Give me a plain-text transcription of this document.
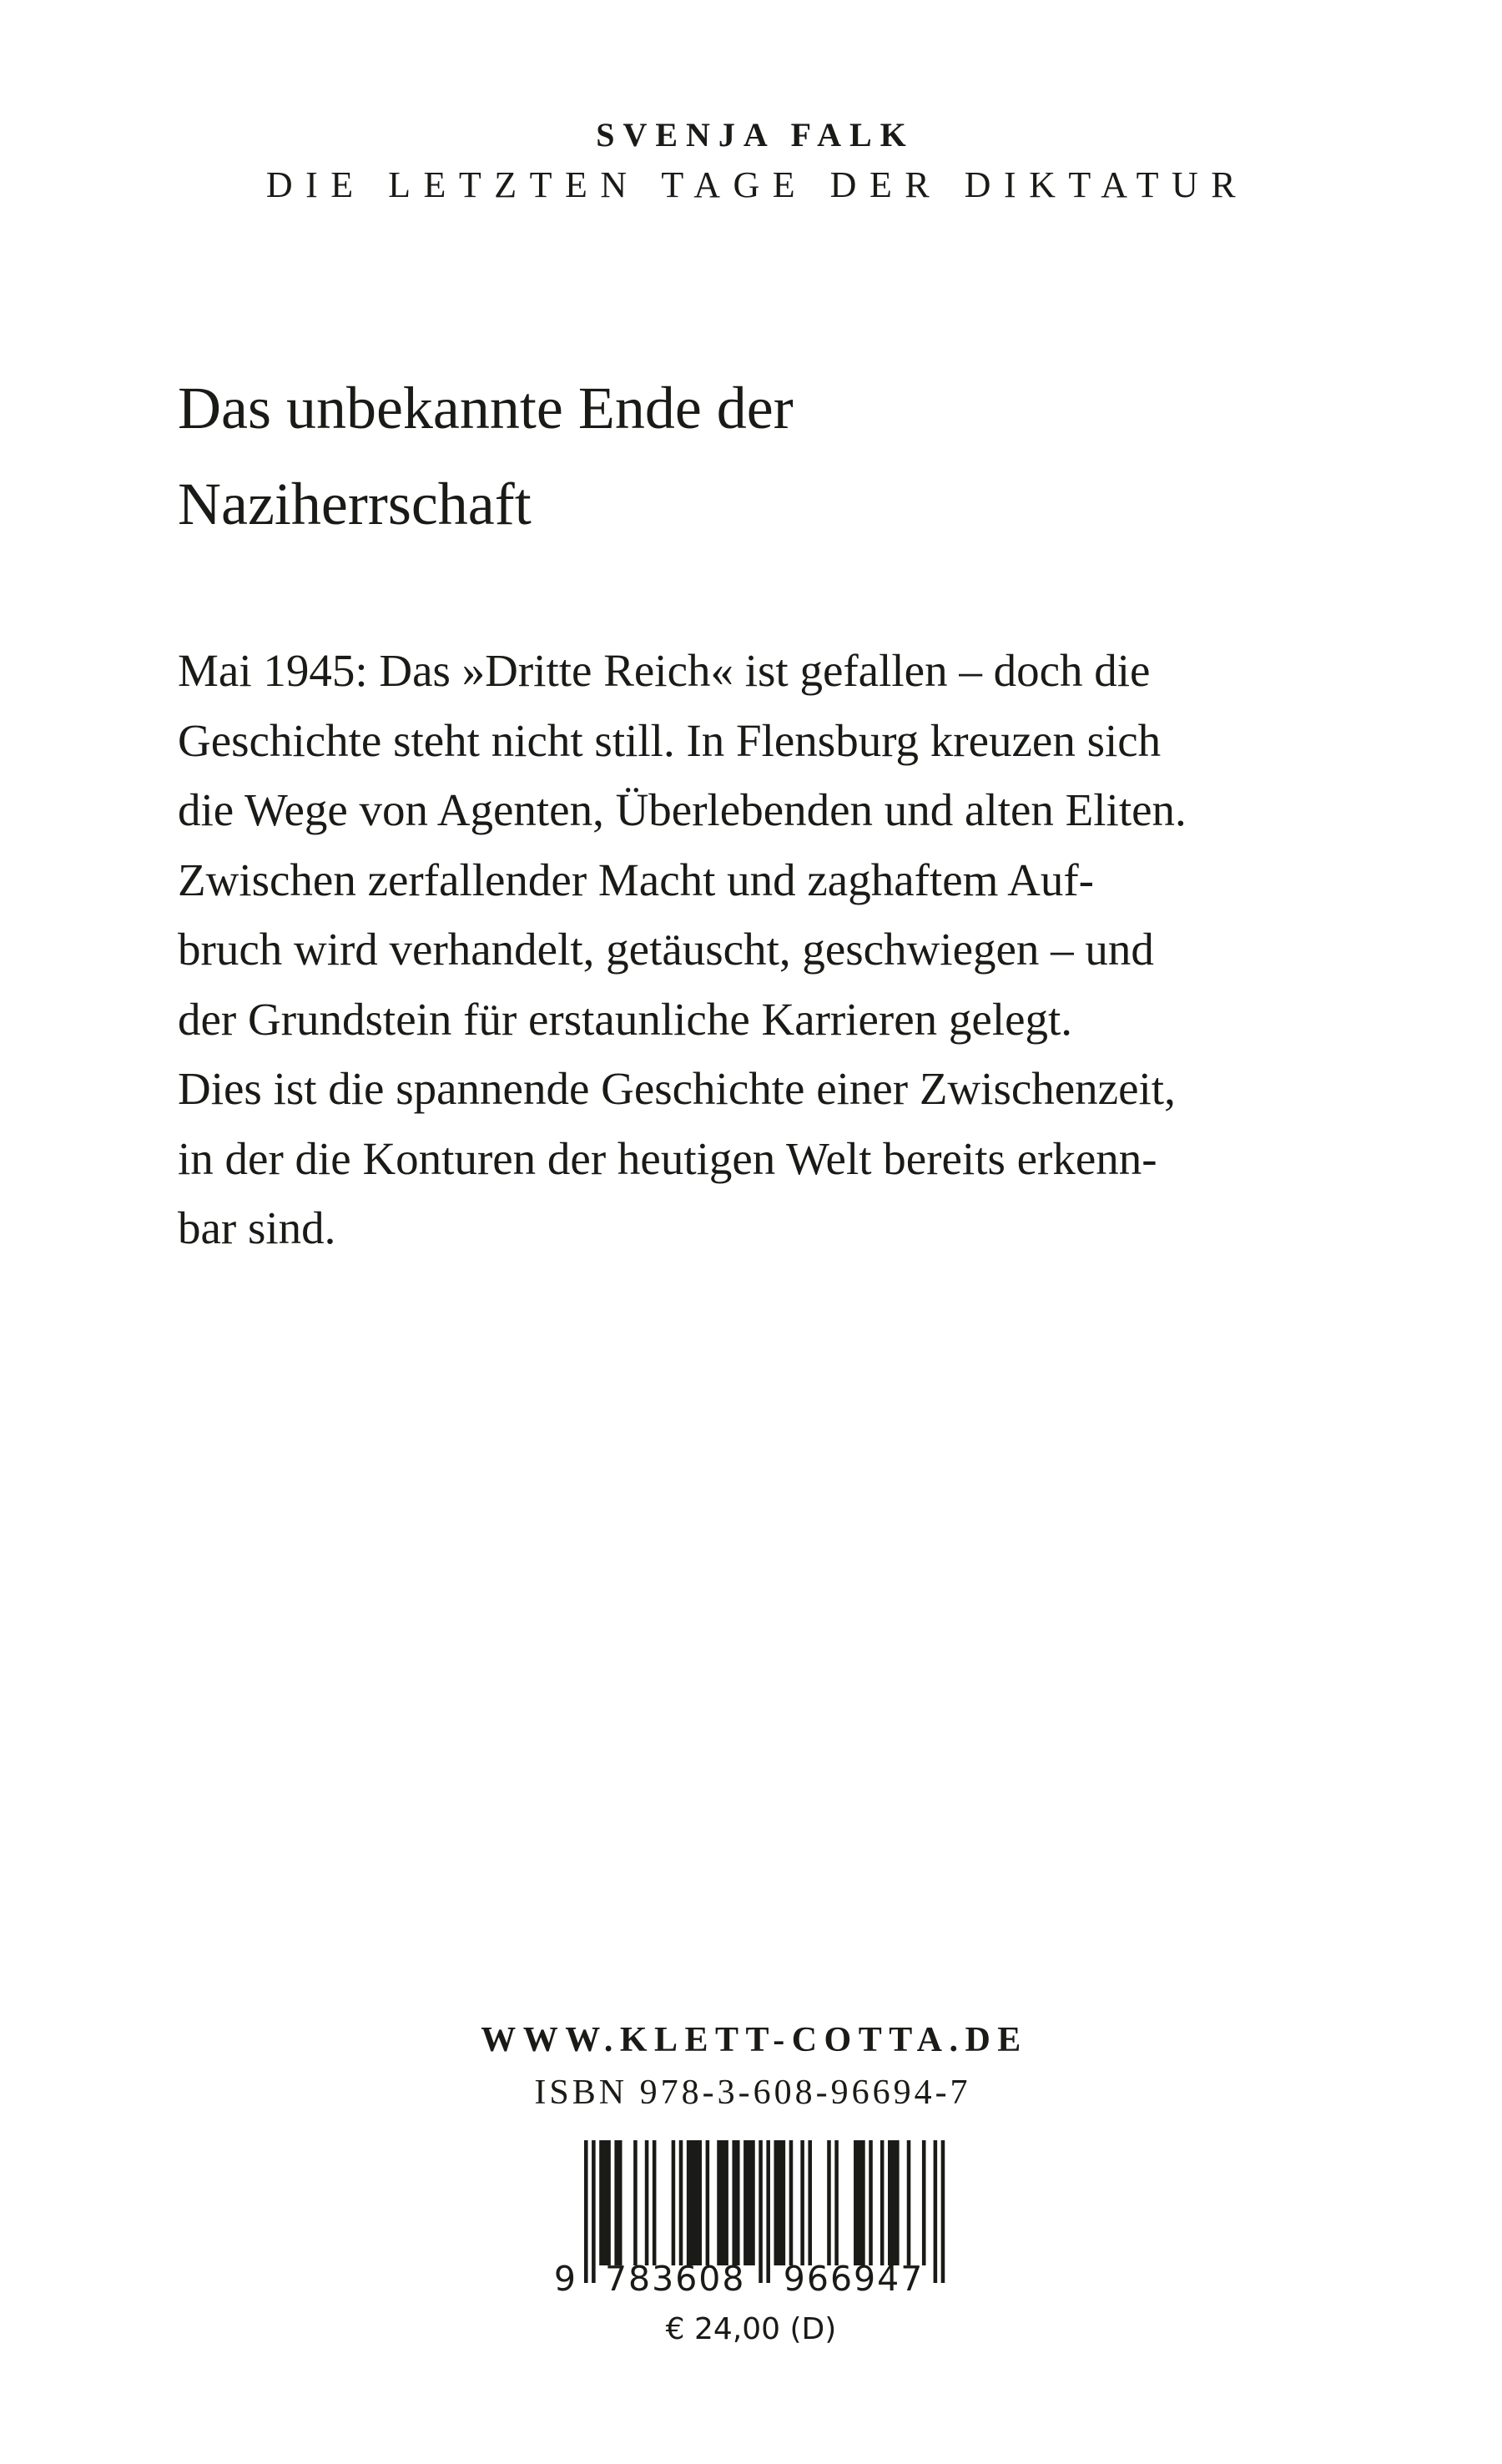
SVENJA FALK
DIE LETZTEN TAGE DER DIKTATUR
Das unbekannte Ende der
Naziherrschaft
Mai 1945: Das »Dritte Reich« ist gefallen – doch die
Geschichte steht nicht still. In Flensburg kreuzen sich
die Wege von Agenten, Überlebenden und alten Eliten.
Zwischen zerfallender Macht und zaghaftem Auf-
bruch wird verhandelt, getäuscht, geschwiegen – und
der Grundstein für erstaunliche Karrieren gelegt.
Dies ist die spannende Geschichte einer Zwischenzeit,
in der die Konturen der heutigen Welt bereits erkenn-
bar sind.
WWW.KLETT-COTTA.DE
ISBN 978-3-608-96694-7
9 783608 966947
€ 24,00 (D)
